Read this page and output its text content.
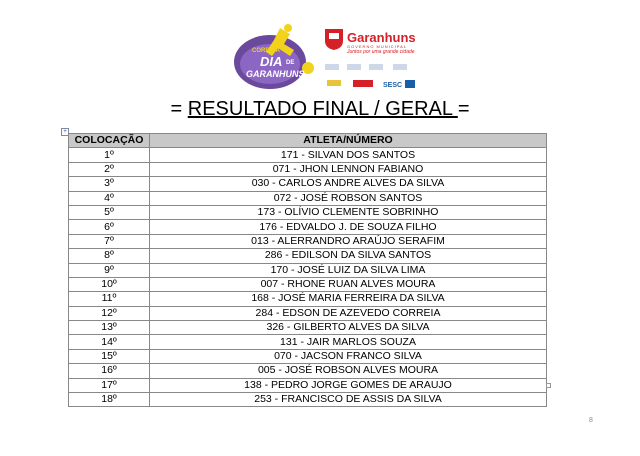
CORRIDA
DIA DE
GARANHUNS
Garanhuns
GOVERNO MUNICIPAL
Juntos por uma grande cidade
SESC
= RESULTADO FINAL / GERAL =
+
COLOCAÇÃO	ATLETA/NÚMERO
1º	171 - SILVAN DOS SANTOS
2º	071 - JHON LENNON FABIANO
3º	030 - CARLOS ANDRE ALVES DA SILVA
4º	072 - JOSÉ ROBSON SANTOS
5º	173 - OLÍVIO CLEMENTE SOBRINHO
6º	176 - EDVALDO J. DE SOUZA FILHO
7º	013 - ALERRANDRO ARAÚJO SERAFIM
8º	286 - EDILSON DA SILVA SANTOS
9º	170 - JOSÉ LUIZ DA SILVA LIMA
10º	007 - RHONE RUAN ALVES MOURA
11º	168 - JOSÉ MARIA FERREIRA DA SILVA
12º	284 - EDSON DE AZEVEDO CORREIA
13º	326 - GILBERTO ALVES DA SILVA
14º	131 - JAIR MARLOS SOUZA
15º	070 - JACSON FRANCO SILVA
16º	005 - JOSÉ ROBSON ALVES MOURA
17º	138 - PEDRO JORGE GOMES DE ARAUJO
18º	253 - FRANCISCO DE ASSIS DA SILVA
8
